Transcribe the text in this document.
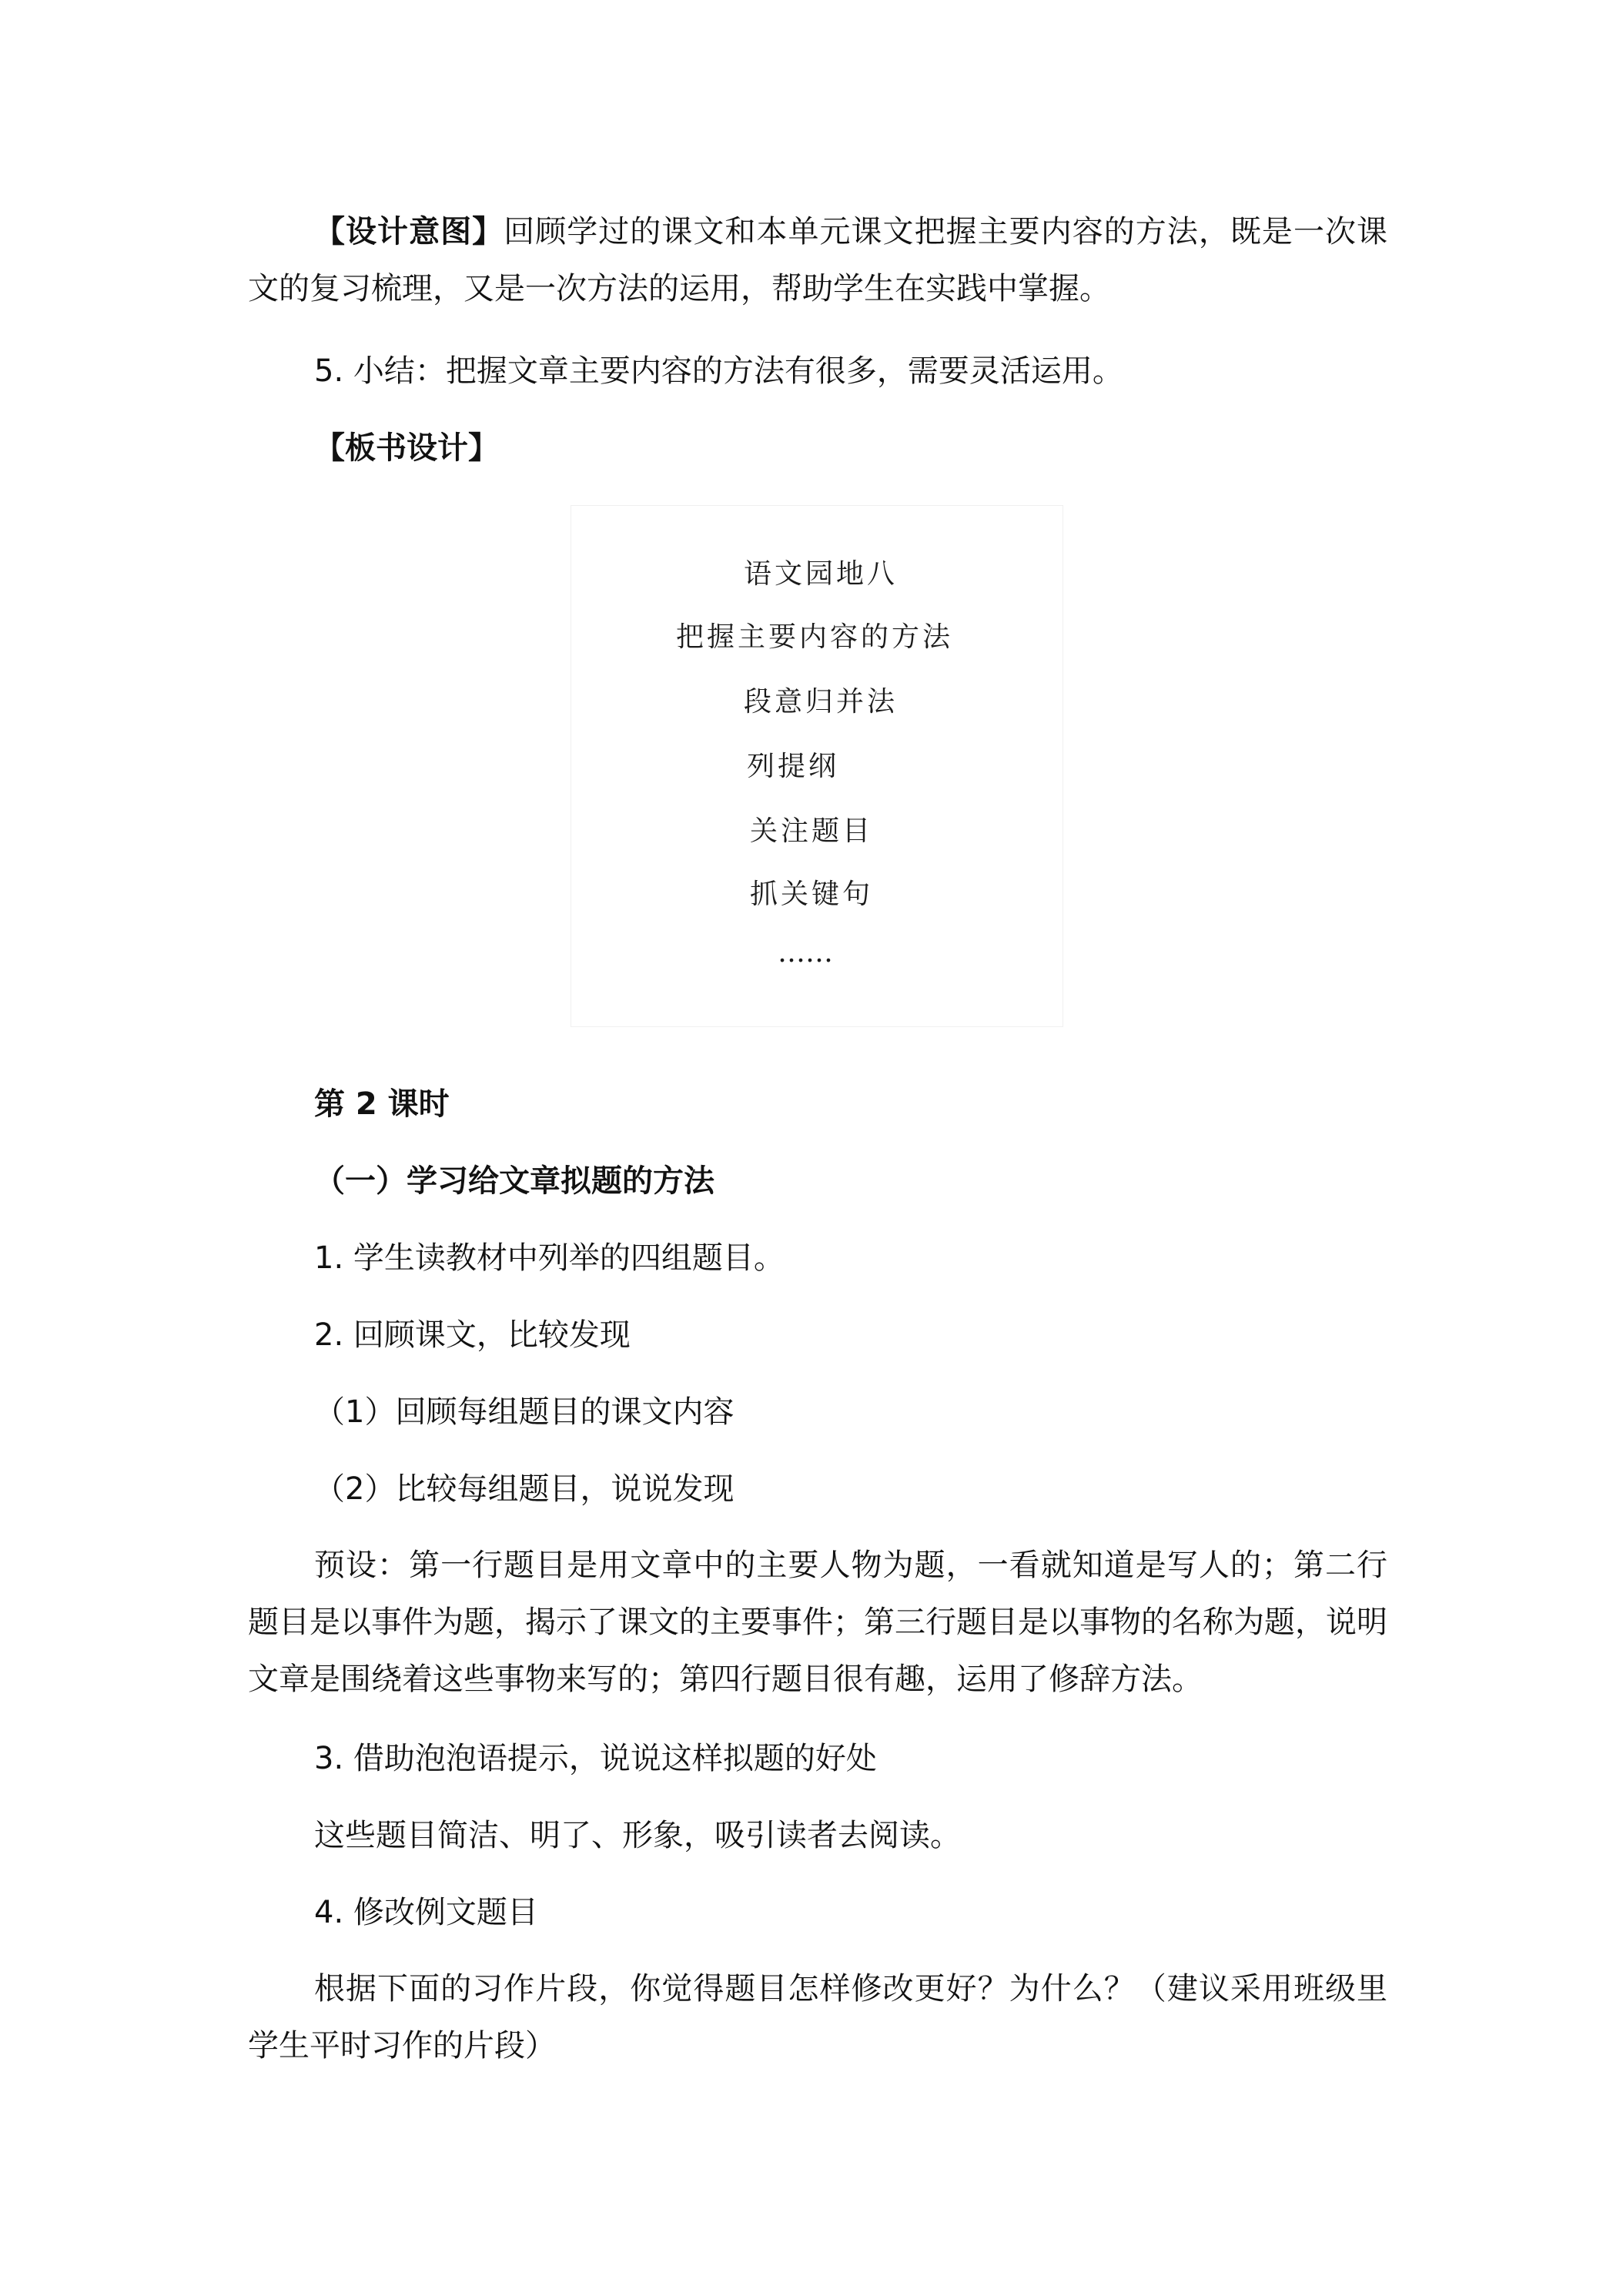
【设计意图】回顾学过的课文和本单元课文把握主要内容的方法，既是一次课文的复习梳理，又是一次方法的运用，帮助学生在实践中掌握。

5. 小结：把握文章主要内容的方法有很多，需要灵活运用。

【板书设计】

语文园地八
把握主要内容的方法
段意归并法
列提纲
关注题目
抓关键句
……

第 2 课时

（一）学习给文章拟题的方法

1. 学生读教材中列举的四组题目。

2. 回顾课文，比较发现

（1）回顾每组题目的课文内容

（2）比较每组题目，说说发现

预设：第一行题目是用文章中的主要人物为题，一看就知道是写人的；第二行题目是以事件为题，揭示了课文的主要事件；第三行题目是以事物的名称为题，说明文章是围绕着这些事物来写的；第四行题目很有趣，运用了修辞方法。

3. 借助泡泡语提示，说说这样拟题的好处

这些题目简洁、明了、形象，吸引读者去阅读。

4. 修改例文题目

根据下面的习作片段，你觉得题目怎样修改更好？为什么？（建议采用班级里学生平时习作的片段）
